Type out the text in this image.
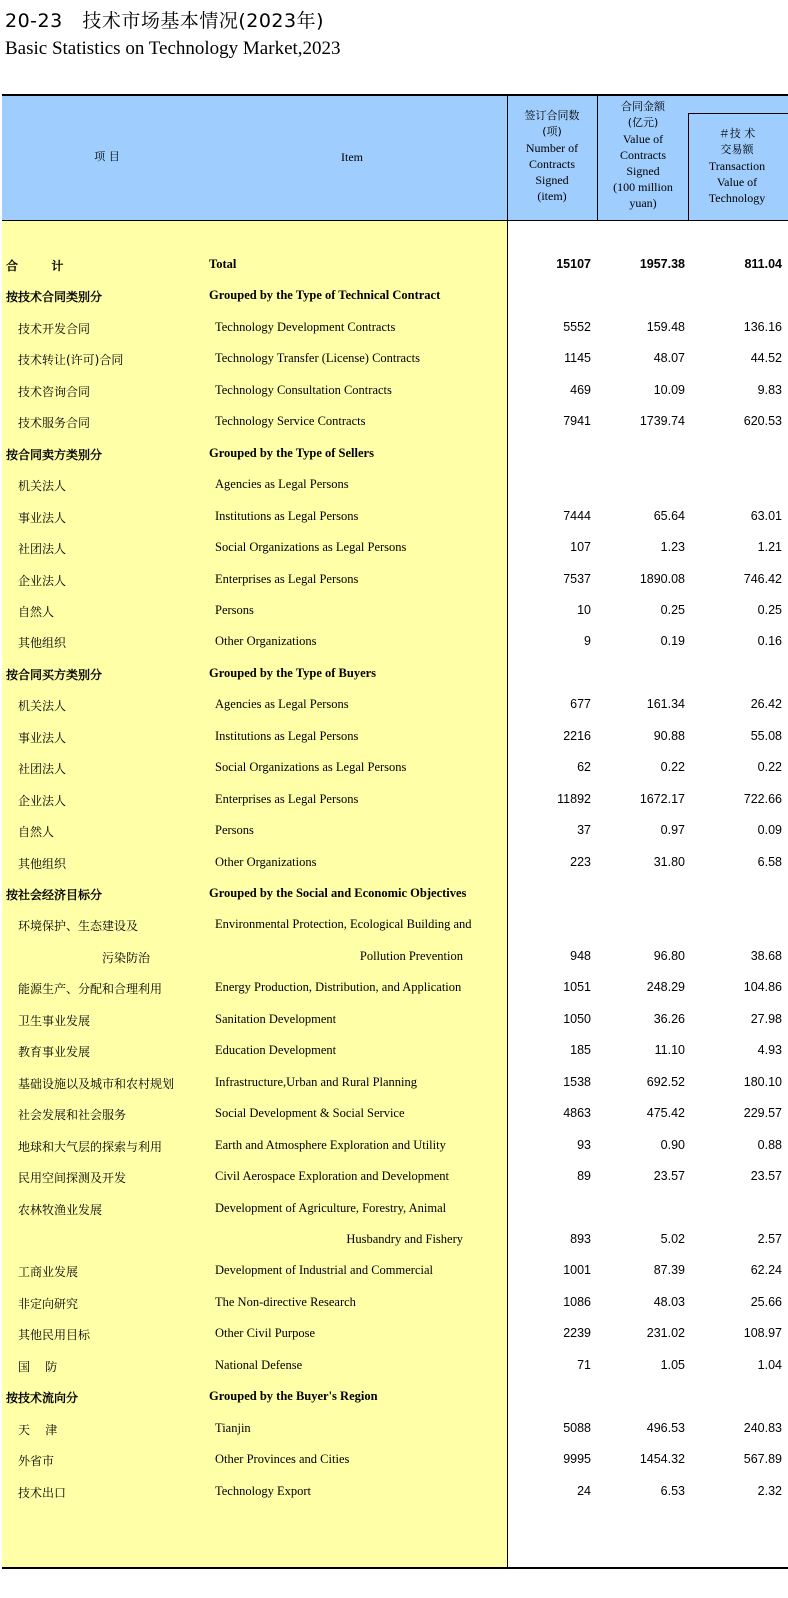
20-23   技术市场基本情况(2023年)
Basic Statistics on Technology Market,2023
项 目	Item
签订合同数
(项)
Number of
Contracts
Signed
(item)
合同金额
(亿元)
Value of
Contracts
Signed
(100 million
yuan)
＃技 术
交易额
Transaction
Value of
Technology
合        计	Total	15107	1957.38	811.04
按技术合同类别分	Grouped by the Type of Technical Contract
技术开发合同	Technology Development Contracts	5552	159.48	136.16
技术转让(许可)合同	Technology Transfer (License) Contracts	1145	48.07	44.52
技术咨询合同	Technology Consultation Contracts	469	10.09	9.83
技术服务合同	Technology Service Contracts	7941	1739.74	620.53
按合同卖方类别分	Grouped by the Type of Sellers
机关法人	Agencies as Legal Persons
事业法人	Institutions as Legal Persons	7444	65.64	63.01
社团法人	Social Organizations as Legal Persons	107	1.23	1.21
企业法人	Enterprises as Legal Persons	7537	1890.08	746.42
自然人	Persons	10	0.25	0.25
其他组织	Other Organizations	9	0.19	0.16
按合同买方类别分	Grouped by the Type of Buyers
机关法人	Agencies as Legal Persons	677	161.34	26.42
事业法人	Institutions as Legal Persons	2216	90.88	55.08
社团法人	Social Organizations as Legal Persons	62	0.22	0.22
企业法人	Enterprises as Legal Persons	11892	1672.17	722.66
自然人	Persons	37	0.97	0.09
其他组织	Other Organizations	223	31.80	6.58
按社会经济目标分	Grouped by the Social and Economic Objectives
环境保护、生态建设及	Environmental Protection, Ecological Building and
污染防治	Pollution Prevention	948	96.80	38.68
能源生产、分配和合理利用	Energy Production, Distribution, and Application	1051	248.29	104.86
卫生事业发展	Sanitation Development	1050	36.26	27.98
教育事业发展	Education Development	185	11.10	4.93
基础设施以及城市和农村规划	Infrastructure,Urban and Rural Planning	1538	692.52	180.10
社会发展和社会服务	Social Development & Social Service	4863	475.42	229.57
地球和大气层的探索与利用	Earth and Atmosphere Exploration and Utility	93	0.90	0.88
民用空间探测及开发	Civil Aerospace Exploration and Development	89	23.57	23.57
农林牧渔业发展	Development of Agriculture, Forestry, Animal
Husbandry and Fishery	893	5.02	2.57
工商业发展	Development of Industrial and Commercial	1001	87.39	62.24
非定向研究	The Non-directive Research	1086	48.03	25.66
其他民用目标	Other Civil Purpose	2239	231.02	108.97
国    防	National Defense	71	1.05	1.04
按技术流向分	Grouped by the Buyer's Region
天    津	Tianjin	5088	496.53	240.83
外省市	Other Provinces and Cities	9995	1454.32	567.89
技术出口	Technology Export	24	6.53	2.32
